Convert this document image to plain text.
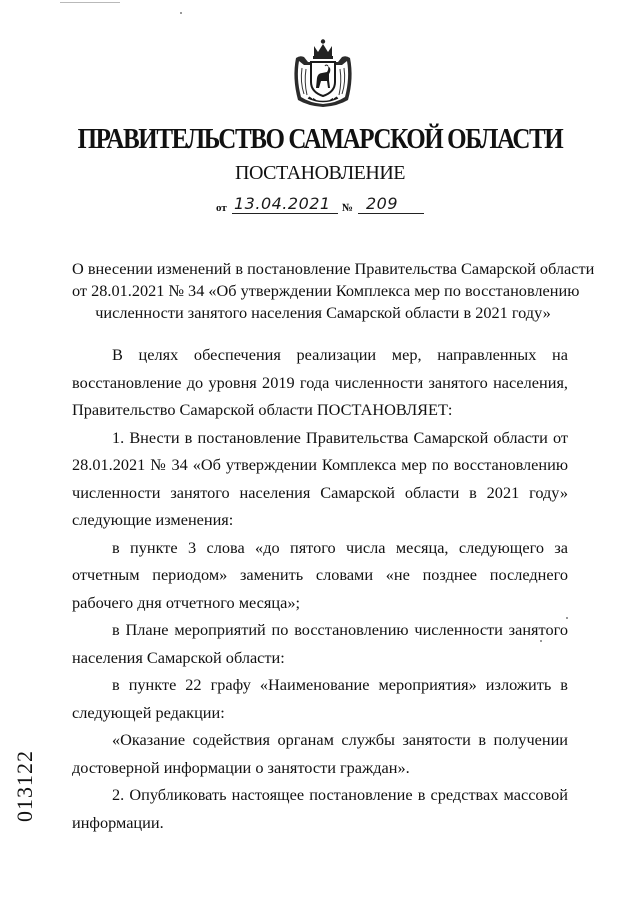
ПРАВИТЕЛЬСТВО САМАРСКОЙ ОБЛАСТИ
ПОСТАНОВЛЕНИЕ
от 13.04.2021 № 209
О внесении изменений в постановление Правительства Самарской области
от 28.01.2021 № 34 «Об утверждении Комплекса мер по восстановлению
численности занятого населения Самарской области в 2021 году»

В целях обеспечения реализации мер, направленных на восстановление до уровня 2019 года численности занятого населения, Правительство Самарской области ПОСТАНОВЛЯЕТ:

1. Внести в постановление Правительства Самарской области от 28.01.2021 № 34 «Об утверждении Комплекса мер по восстановлению численности занятого населения Самарской области в 2021 году» следующие изменения:

в пункте 3 слова «до пятого числа месяца, следующего за отчетным периодом» заменить словами «не позднее последнего рабочего дня отчетного месяца»;

в Плане мероприятий по восстановлению численности занятого населения Самарской области:

в пункте 22 графу «Наименование мероприятия» изложить в следующей редакции:

«Оказание содействия органам службы занятости в получении достоверной информации о занятости граждан».

2. Опубликовать настоящее постановление в средствах массовой информации.

013122
